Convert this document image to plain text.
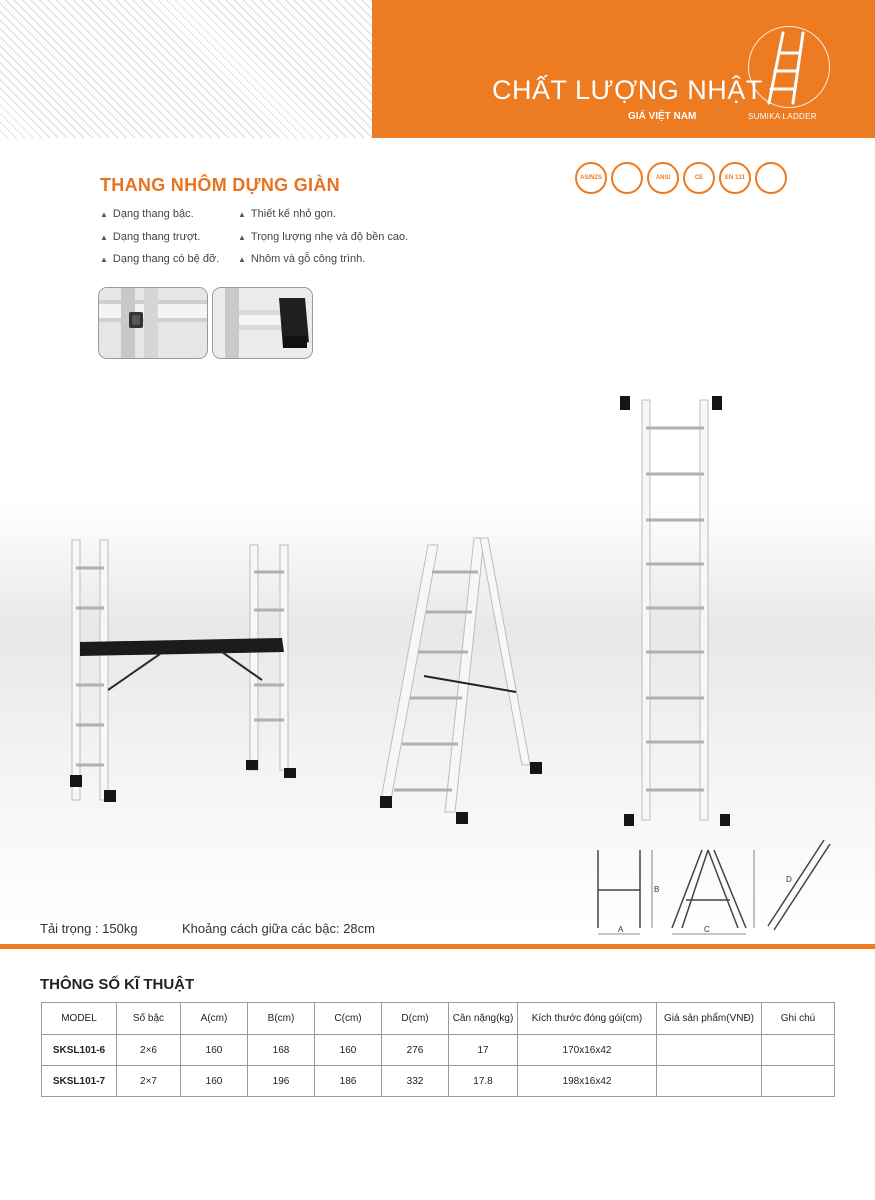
CHẤT LƯỢNG NHẬT
GIÁ VIỆT NAM	SUMIKA LADDER
THANG NHÔM DỰNG GIÀN
▲ Dạng thang bậc.	▲ Thiết kế nhỏ gọn.
▲ Dạng thang trượt.	▲ Trọng lượng nhẹ và độ bền cao.
▲ Dạng thang có bệ đỡ. ▲ Nhôm và gỗ công trình.
AS/NZS	ANSI	CE	EN 131
B
A	C
D
Tải trọng : 150kg	Khoảng cách giữa các bậc: 28cm
THÔNG SỐ KĨ THUẬT
MODEL	Số bậc	A(cm)	B(cm)	C(cm)	D(cm)	Cân nặng(kg)	Kích thước đóng gói(cm)	Giá sản phẩm(VNĐ)	Ghi chú
SKSL101-6	2×6	160	168	160	276	17	170x16x42		
SKSL101-7	2×7	160	196	186	332	17.8	198x16x42		
